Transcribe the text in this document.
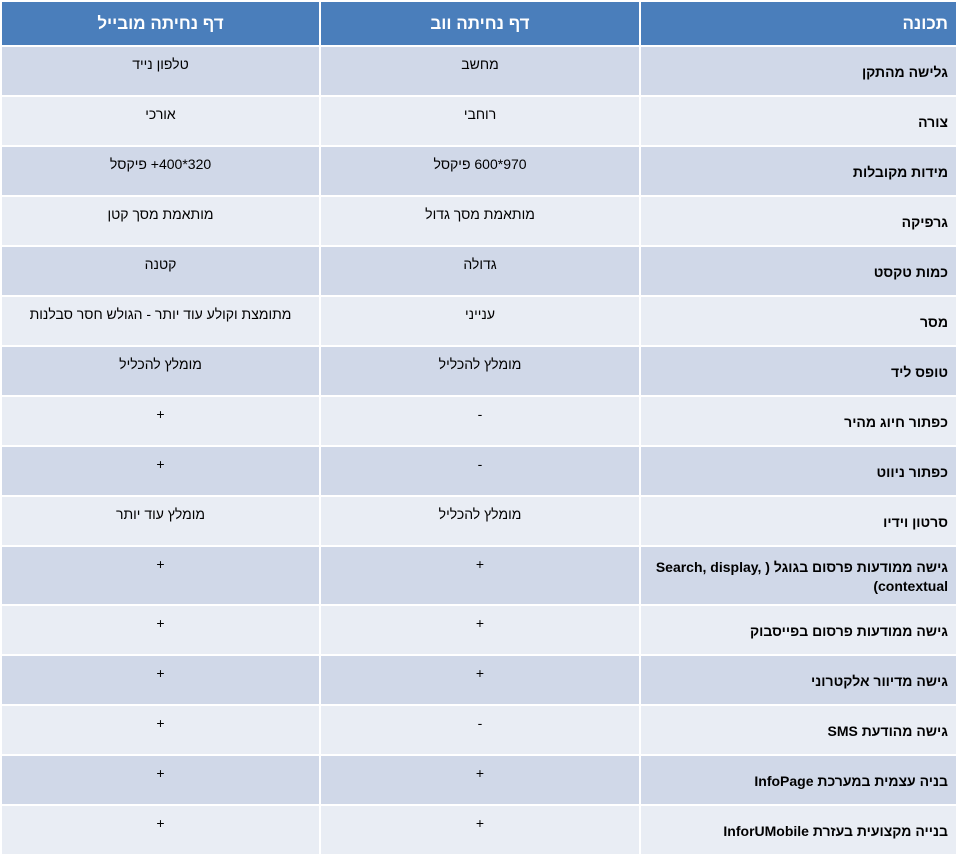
תכונה	דף נחיתה ווב	דף נחיתה מובייל
גלישה מהתקן	מחשב	טלפון נייד
צורה	רוחבי	אורכי
מידות מקובלות	970*600 פיקסל	320*400+ פיקסל
גרפיקה	מותאמת מסך גדול	מותאמת מסך קטן
כמות טקסט	גדולה	קטנה
מסר	ענייני	מתומצת וקולע עוד יותר - הגולש חסר סבלנות
טופס ליד	מומלץ להכליל	מומלץ להכליל
כפתור חיוג מהיר	-	+
כפתור ניווט	-	+
סרטון וידיו	מומלץ להכליל	מומלץ עוד יותר
גישה ממודעות פרסום בגוגל ( Search, display, contextual)	+	+
גישה ממודעות פרסום בפייסבוק	+	+
גישה מדיוור אלקטרוני	+	+
גישה מהודעת SMS	-	+
בניה עצמית במערכת InfoPage	+	+
בנייה מקצועית בעזרת InforUMobile	+	+
